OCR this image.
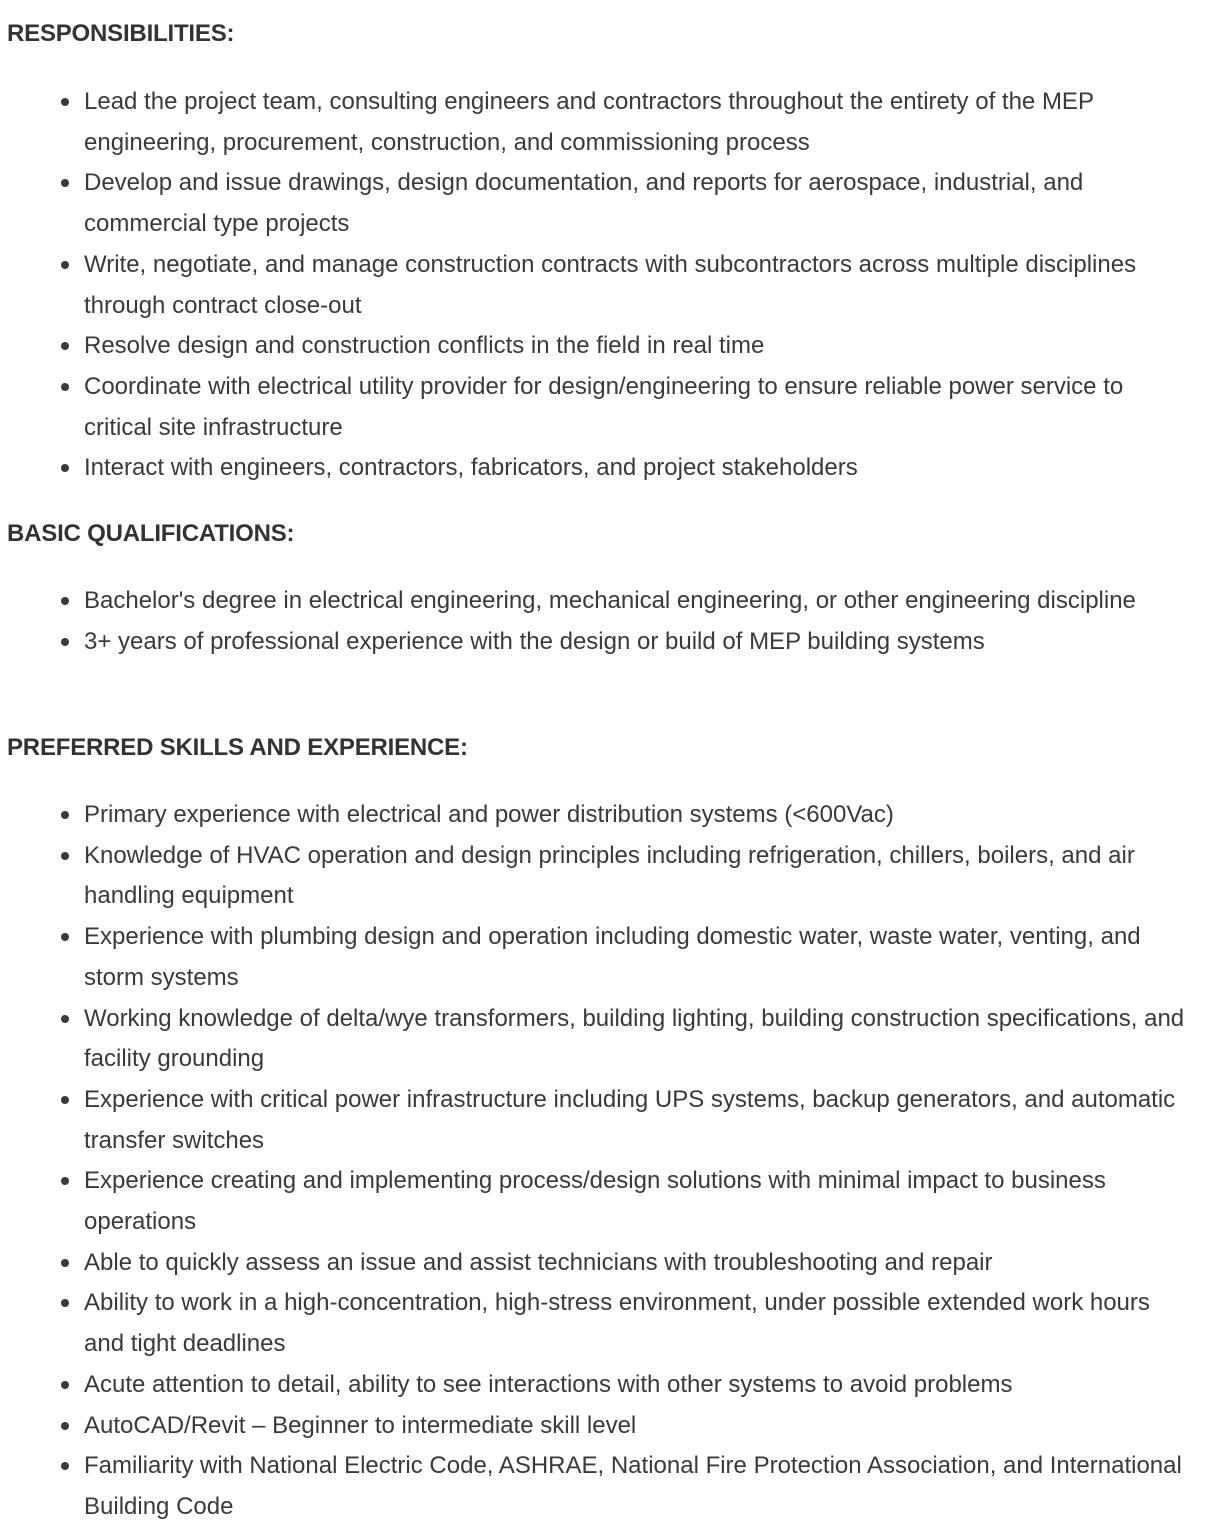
RESPONSIBILITIES:
Lead the project team, consulting engineers and contractors throughout the entirety of the MEP engineering, procurement, construction, and commissioning process
Develop and issue drawings, design documentation, and reports for aerospace, industrial, and commercial type projects
Write, negotiate, and manage construction contracts with subcontractors across multiple disciplines through contract close-out
Resolve design and construction conflicts in the field in real time
Coordinate with electrical utility provider for design/engineering to ensure reliable power service to critical site infrastructure
Interact with engineers, contractors, fabricators, and project stakeholders
BASIC QUALIFICATIONS:
Bachelor's degree in electrical engineering, mechanical engineering, or other engineering discipline
3+ years of professional experience with the design or build of MEP building systems
PREFERRED SKILLS AND EXPERIENCE:
Primary experience with electrical and power distribution systems (<600Vac)
Knowledge of HVAC operation and design principles including refrigeration, chillers, boilers, and air handling equipment
Experience with plumbing design and operation including domestic water, waste water, venting, and storm systems
Working knowledge of delta/wye transformers, building lighting, building construction specifications, and facility grounding
Experience with critical power infrastructure including UPS systems, backup generators, and automatic transfer switches
Experience creating and implementing process/design solutions with minimal impact to business operations
Able to quickly assess an issue and assist technicians with troubleshooting and repair
Ability to work in a high-concentration, high-stress environment, under possible extended work hours and tight deadlines
Acute attention to detail, ability to see interactions with other systems to avoid problems
AutoCAD/Revit – Beginner to intermediate skill level
Familiarity with National Electric Code, ASHRAE, National Fire Protection Association, and International Building Code
